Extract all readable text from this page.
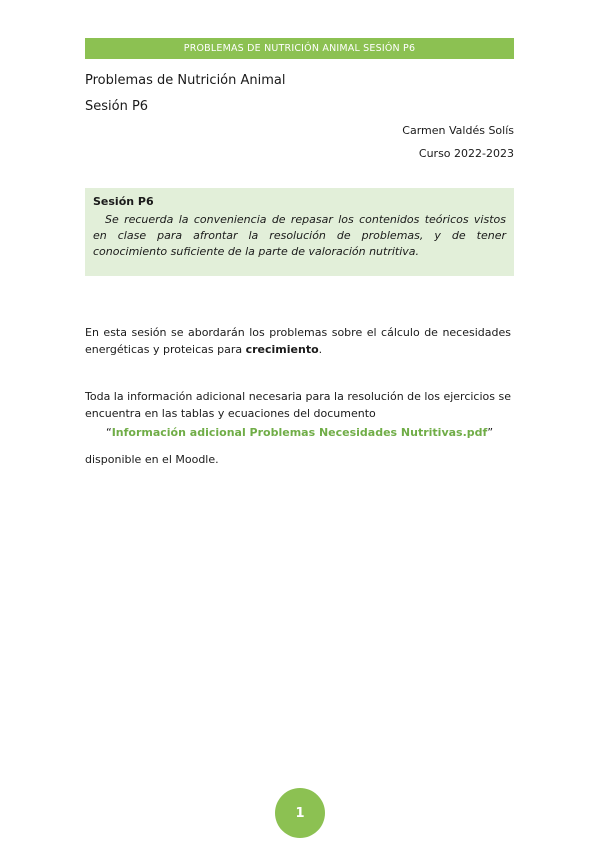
PROBLEMAS DE NUTRICIÓN ANIMAL SESIÓN P6
Problemas de Nutrición Animal
Sesión P6
Carmen Valdés Solís
Curso 2022-2023
Sesión P6
Se recuerda la conveniencia de repasar los contenidos teóricos vistos en clase para afrontar la resolución de problemas, y de tener conocimiento suficiente de la parte de valoración nutritiva.
En esta sesión se abordarán los problemas sobre el cálculo de necesidades energéticas y proteicas para crecimiento.
Toda la información adicional necesaria para la resolución de los ejercicios se encuentra en las tablas y ecuaciones del documento
“Información adicional Problemas Necesidades Nutritivas.pdf”
disponible en el Moodle.
1
